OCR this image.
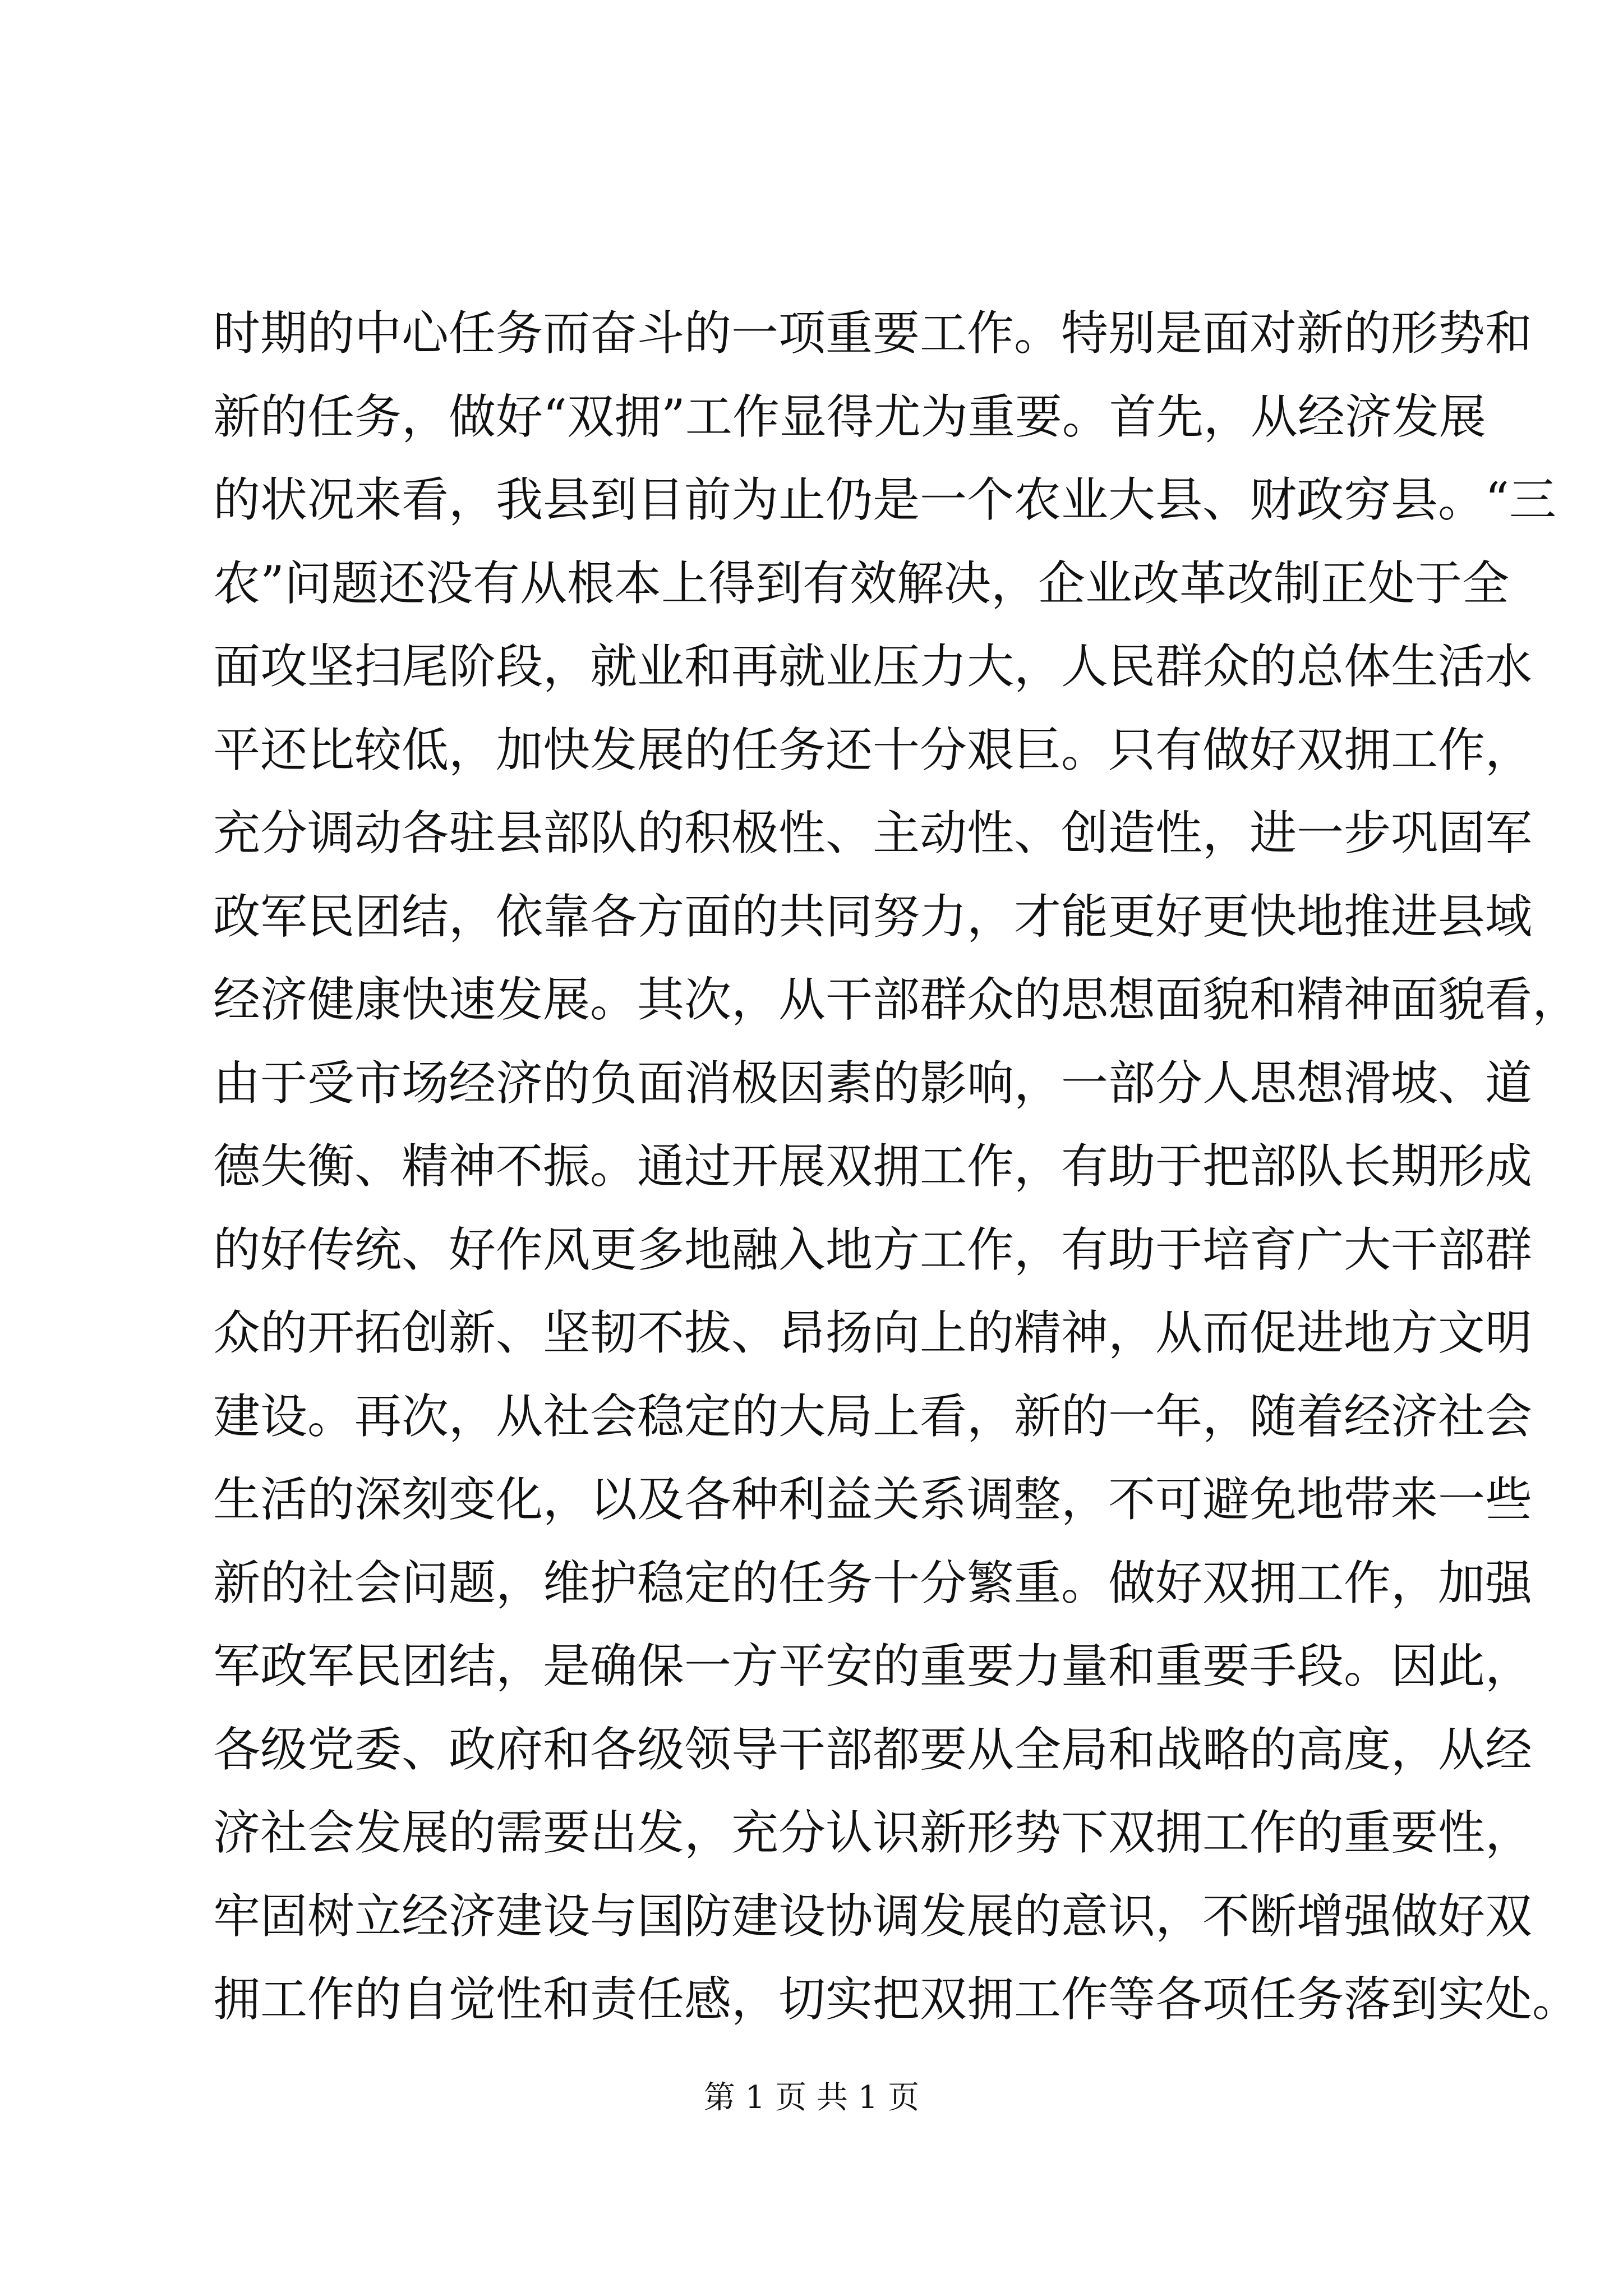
时期的中心任务而奋斗的一项重要工作。特别是面对新的形势和
新的任务，做好“双拥”工作显得尤为重要。首先，从经济发展
的状况来看，我县到目前为止仍是一个农业大县、财政穷县。“三
农”问题还没有从根本上得到有效解决，企业改革改制正处于全
面攻坚扫尾阶段，就业和再就业压力大，人民群众的总体生活水
平还比较低，加快发展的任务还十分艰巨。只有做好双拥工作，
充分调动各驻县部队的积极性、主动性、创造性，进一步巩固军
政军民团结，依靠各方面的共同努力，才能更好更快地推进县域
经济健康快速发展。其次，从干部群众的思想面貌和精神面貌看，
由于受市场经济的负面消极因素的影响，一部分人思想滑坡、道
德失衡、精神不振。通过开展双拥工作，有助于把部队长期形成
的好传统、好作风更多地融入地方工作，有助于培育广大干部群
众的开拓创新、坚韧不拔、昂扬向上的精神，从而促进地方文明
建设。再次，从社会稳定的大局上看，新的一年，随着经济社会
生活的深刻变化，以及各种利益关系调整，不可避免地带来一些
新的社会问题，维护稳定的任务十分繁重。做好双拥工作，加强
军政军民团结，是确保一方平安的重要力量和重要手段。因此，
各级党委、政府和各级领导干部都要从全局和战略的高度，从经
济社会发展的需要出发，充分认识新形势下双拥工作的重要性，
牢固树立经济建设与国防建设协调发展的意识，不断增强做好双
拥工作的自觉性和责任感，切实把双拥工作等各项任务落到实处。
第 1 页 共 1 页
